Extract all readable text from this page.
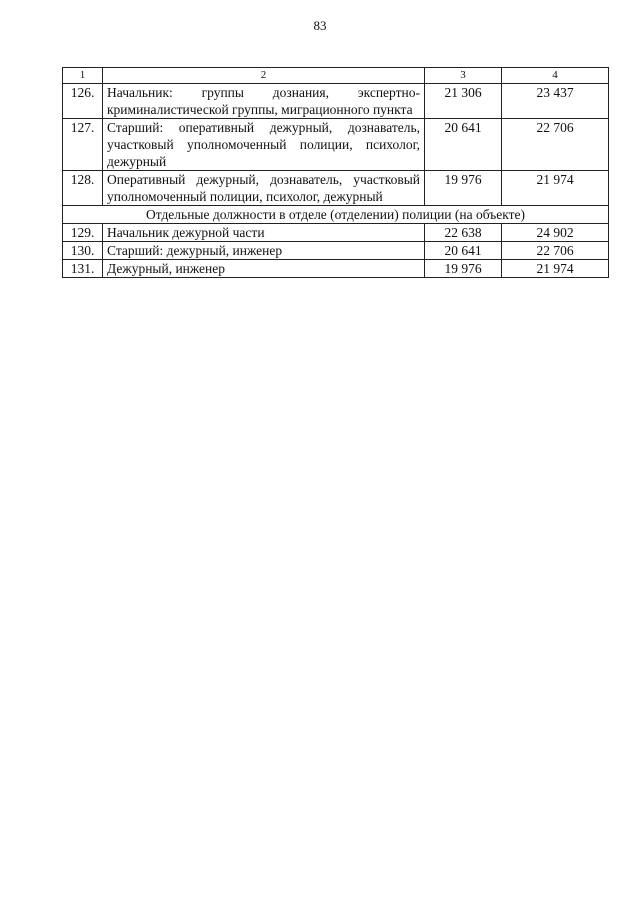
83
1	2	3	4
126.	Начальник: группы дознания, экспертно-криминалистической группы, миграционного пункта	21 306	23 437
127.	Старший: оперативный дежурный, дознаватель, участковый уполномоченный полиции, психолог, дежурный	20 641	22 706
128.	Оперативный дежурный, дознаватель, участковый уполномоченный полиции, психолог, дежурный	19 976	21 974
Отдельные должности в отделе (отделении) полиции (на объекте)			
129.	Начальник дежурной части	22 638	24 902
130.	Старший: дежурный, инженер	20 641	22 706
131.	Дежурный, инженер	19 976	21 974
